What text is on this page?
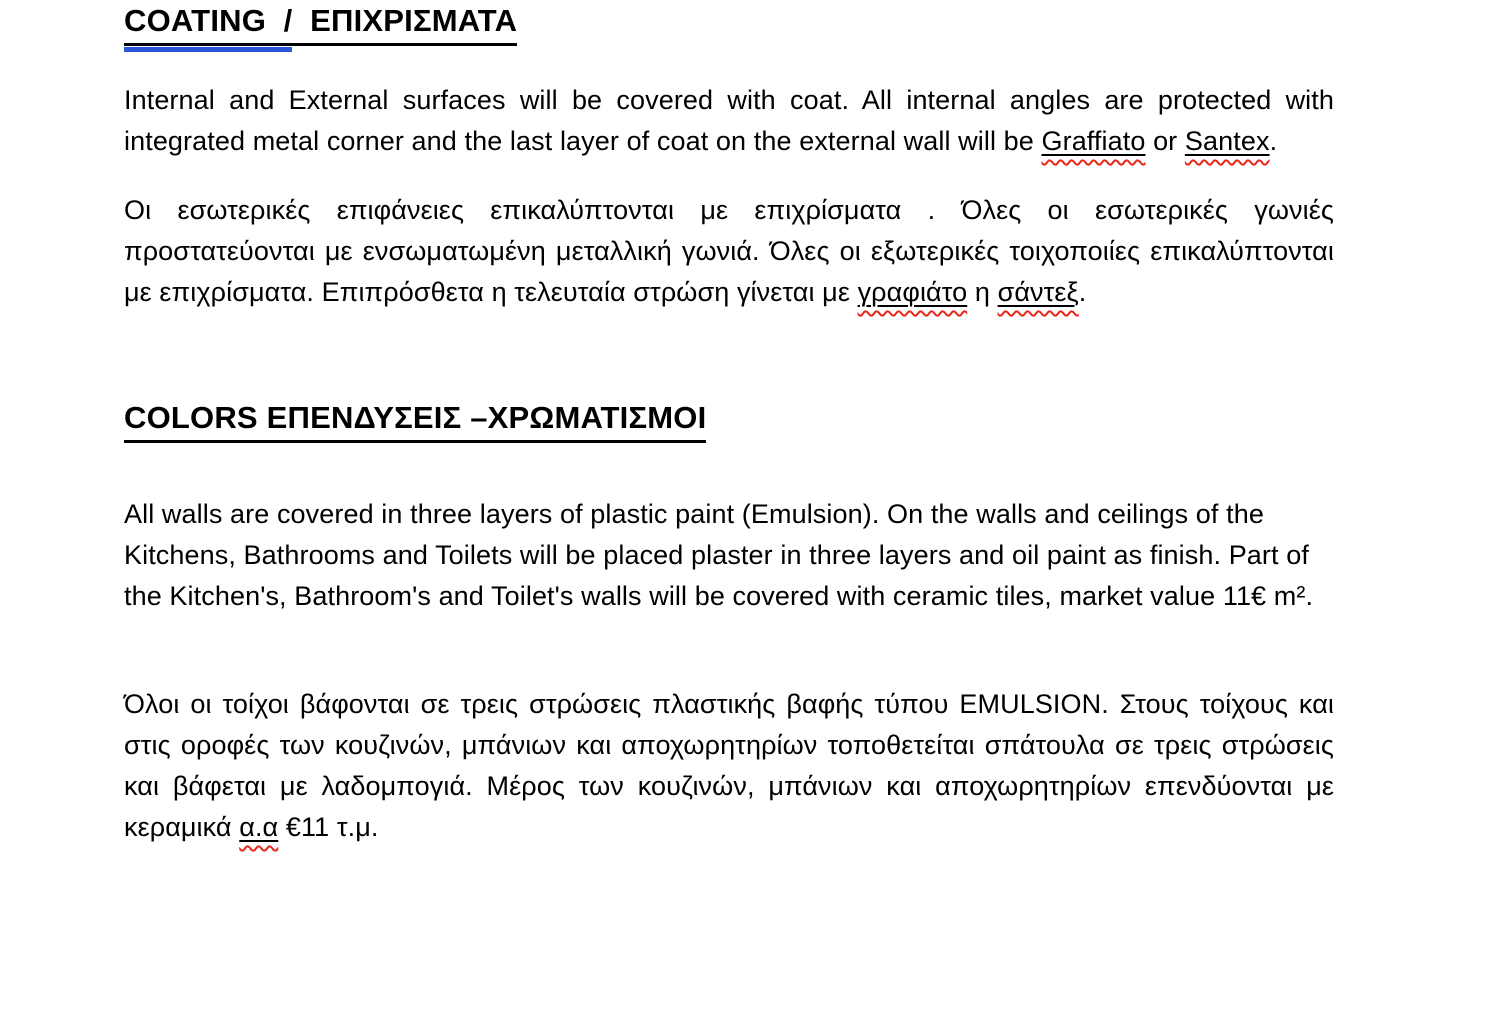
COATING  /
ΕΠΙΧΡΙΣΜΑΤΑ

Internal and External surfaces will be covered with coat. All internal angles are protected with integrated metal corner and the last layer of coat on the external wall will be Graffiato or Santex.

Οι εσωτερικές επιφάνειες επικαλύπτονται με επιχρίσματα . Όλες οι εσωτερικές γωνιές προστατεύονται με ενσωματωμένη μεταλλική γωνιά. Όλες οι εξωτερικές τοιχοποιίες επικαλύπτονται με επιχρίσματα. Επιπρόσθετα η τελευταία στρώση γίνεται με γραφιάτο η σάντεξ.

COLORS ΕΠΕΝΔΥΣΕΙΣ –ΧΡΩΜΑΤΙΣΜΟΙ

All walls are covered in three layers of plastic paint (Emulsion). On the walls and ceilings of the Kitchens, Bathrooms and Toilets will be placed plaster in three layers and oil paint as finish. Part of the Kitchen's, Bathroom's and Toilet's walls will be covered with ceramic tiles, market value 11€ m².

Όλοι οι τοίχοι βάφονται σε τρεις στρώσεις πλαστικής βαφής τύπου EMULSION. Στους τοίχους και στις οροφές των κουζινών, μπάνιων και αποχωρητηρίων τοποθετείται σπάτουλα σε τρεις στρώσεις και βάφεται με λαδομπογιά. Μέρος των κουζινών, μπάνιων και αποχωρητηρίων επενδύονται με κεραμικά α.α €11 τ.μ.
